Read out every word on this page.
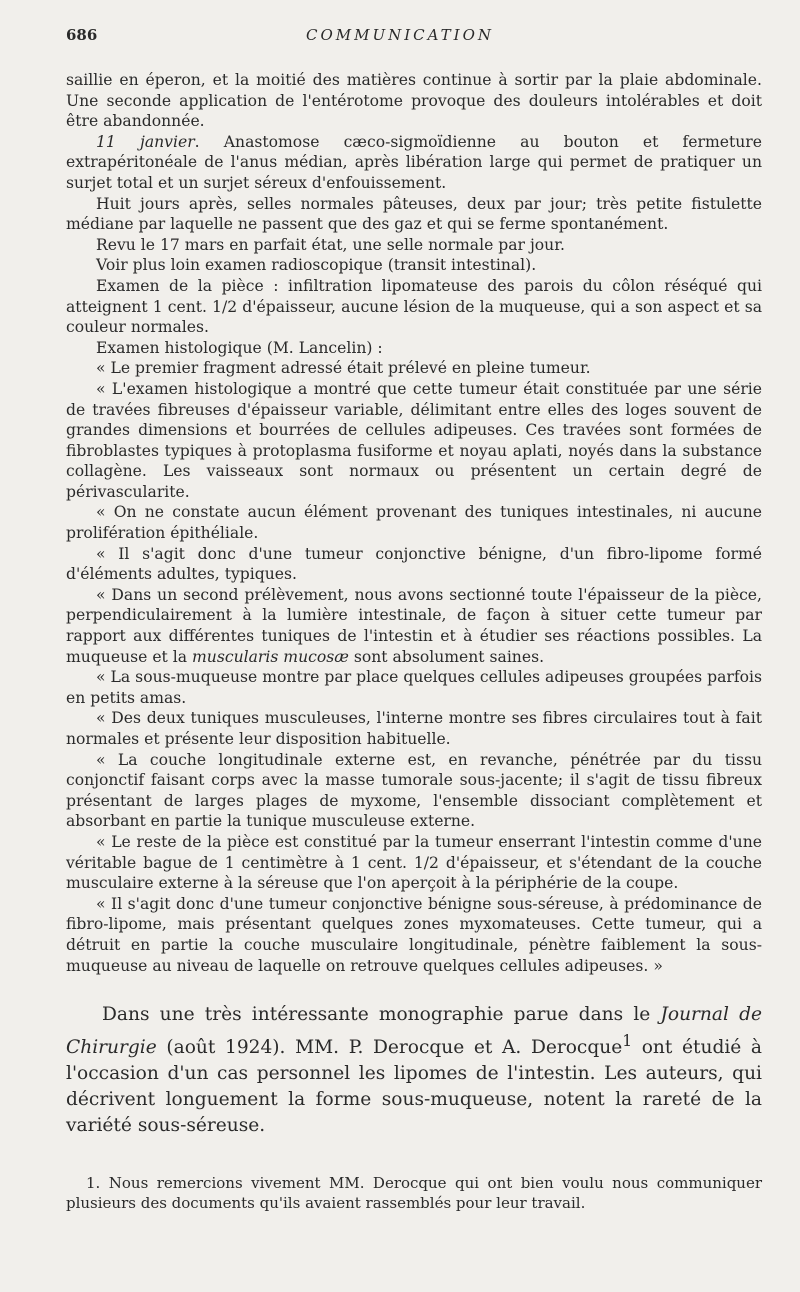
686	COMMUNICATION

saillie en éperon, et la moitié des matières continue à sortir par la plaie abdominale. Une seconde application de l'entérotome provoque des douleurs intolérables et doit être abandonnée.

11 janvier. Anastomose cæco-sigmoïdienne au bouton et fermeture extrapéritonéale de l'anus médian, après libération large qui permet de pratiquer un surjet total et un surjet séreux d'enfouissement.

Huit jours après, selles normales pâteuses, deux par jour; très petite fistulette médiane par laquelle ne passent que des gaz et qui se ferme spontanément.

Revu le 17 mars en parfait état, une selle normale par jour.

Voir plus loin examen radioscopique (transit intestinal).

Examen de la pièce : infiltration lipomateuse des parois du côlon réséqué qui atteignent 1 cent. 1/2 d'épaisseur, aucune lésion de la muqueuse, qui a son aspect et sa couleur normales.

Examen histologique (M. Lancelin) :

« Le premier fragment adressé était prélevé en pleine tumeur.

« L'examen histologique a montré que cette tumeur était constituée par une série de travées fibreuses d'épaisseur variable, délimitant entre elles des loges souvent de grandes dimensions et bourrées de cellules adipeuses. Ces travées sont formées de fibroblastes typiques à protoplasma fusiforme et noyau aplati, noyés dans la substance collagène. Les vaisseaux sont normaux ou présentent un certain degré de périvascularite.

« On ne constate aucun élément provenant des tuniques intestinales, ni aucune prolifération épithéliale.

« Il s'agit donc d'une tumeur conjonctive bénigne, d'un fibro-lipome formé d'éléments adultes, typiques.

« Dans un second prélèvement, nous avons sectionné toute l'épaisseur de la pièce, perpendiculairement à la lumière intestinale, de façon à situer cette tumeur par rapport aux différentes tuniques de l'intestin et à étudier ses réactions possibles. La muqueuse et la muscularis mucosæ sont absolument saines.

« La sous-muqueuse montre par place quelques cellules adipeuses groupées parfois en petits amas.

« Des deux tuniques musculeuses, l'interne montre ses fibres circulaires tout à fait normales et présente leur disposition habituelle.

« La couche longitudinale externe est, en revanche, pénétrée par du tissu conjonctif faisant corps avec la masse tumorale sous-jacente; il s'agit de tissu fibreux présentant de larges plages de myxome, l'ensemble dissociant complètement et absorbant en partie la tunique musculeuse externe.

« Le reste de la pièce est constitué par la tumeur enserrant l'intestin comme d'une véritable bague de 1 centimètre à 1 cent. 1/2 d'épaisseur, et s'étendant de la couche musculaire externe à la séreuse que l'on aperçoit à la périphérie de la coupe.

« Il s'agit donc d'une tumeur conjonctive bénigne sous-séreuse, à prédominance de fibro-lipome, mais présentant quelques zones myxomateuses. Cette tumeur, qui a détruit en partie la couche musculaire longitudinale, pénètre faiblement la sous-muqueuse au niveau de laquelle on retrouve quelques cellules adipeuses. »

Dans une très intéressante monographie parue dans le Journal de Chirurgie (août 1924). MM. P. Derocque et A. Derocque$^1$ ont étudié à l'occasion d'un cas personnel les lipomes de l'intestin. Les auteurs, qui décrivent longuement la forme sous-muqueuse, notent la rareté de la variété sous-séreuse.

1. Nous remercions vivement MM. Derocque qui ont bien voulu nous communiquer plusieurs des documents qu'ils avaient rassemblés pour leur travail.
